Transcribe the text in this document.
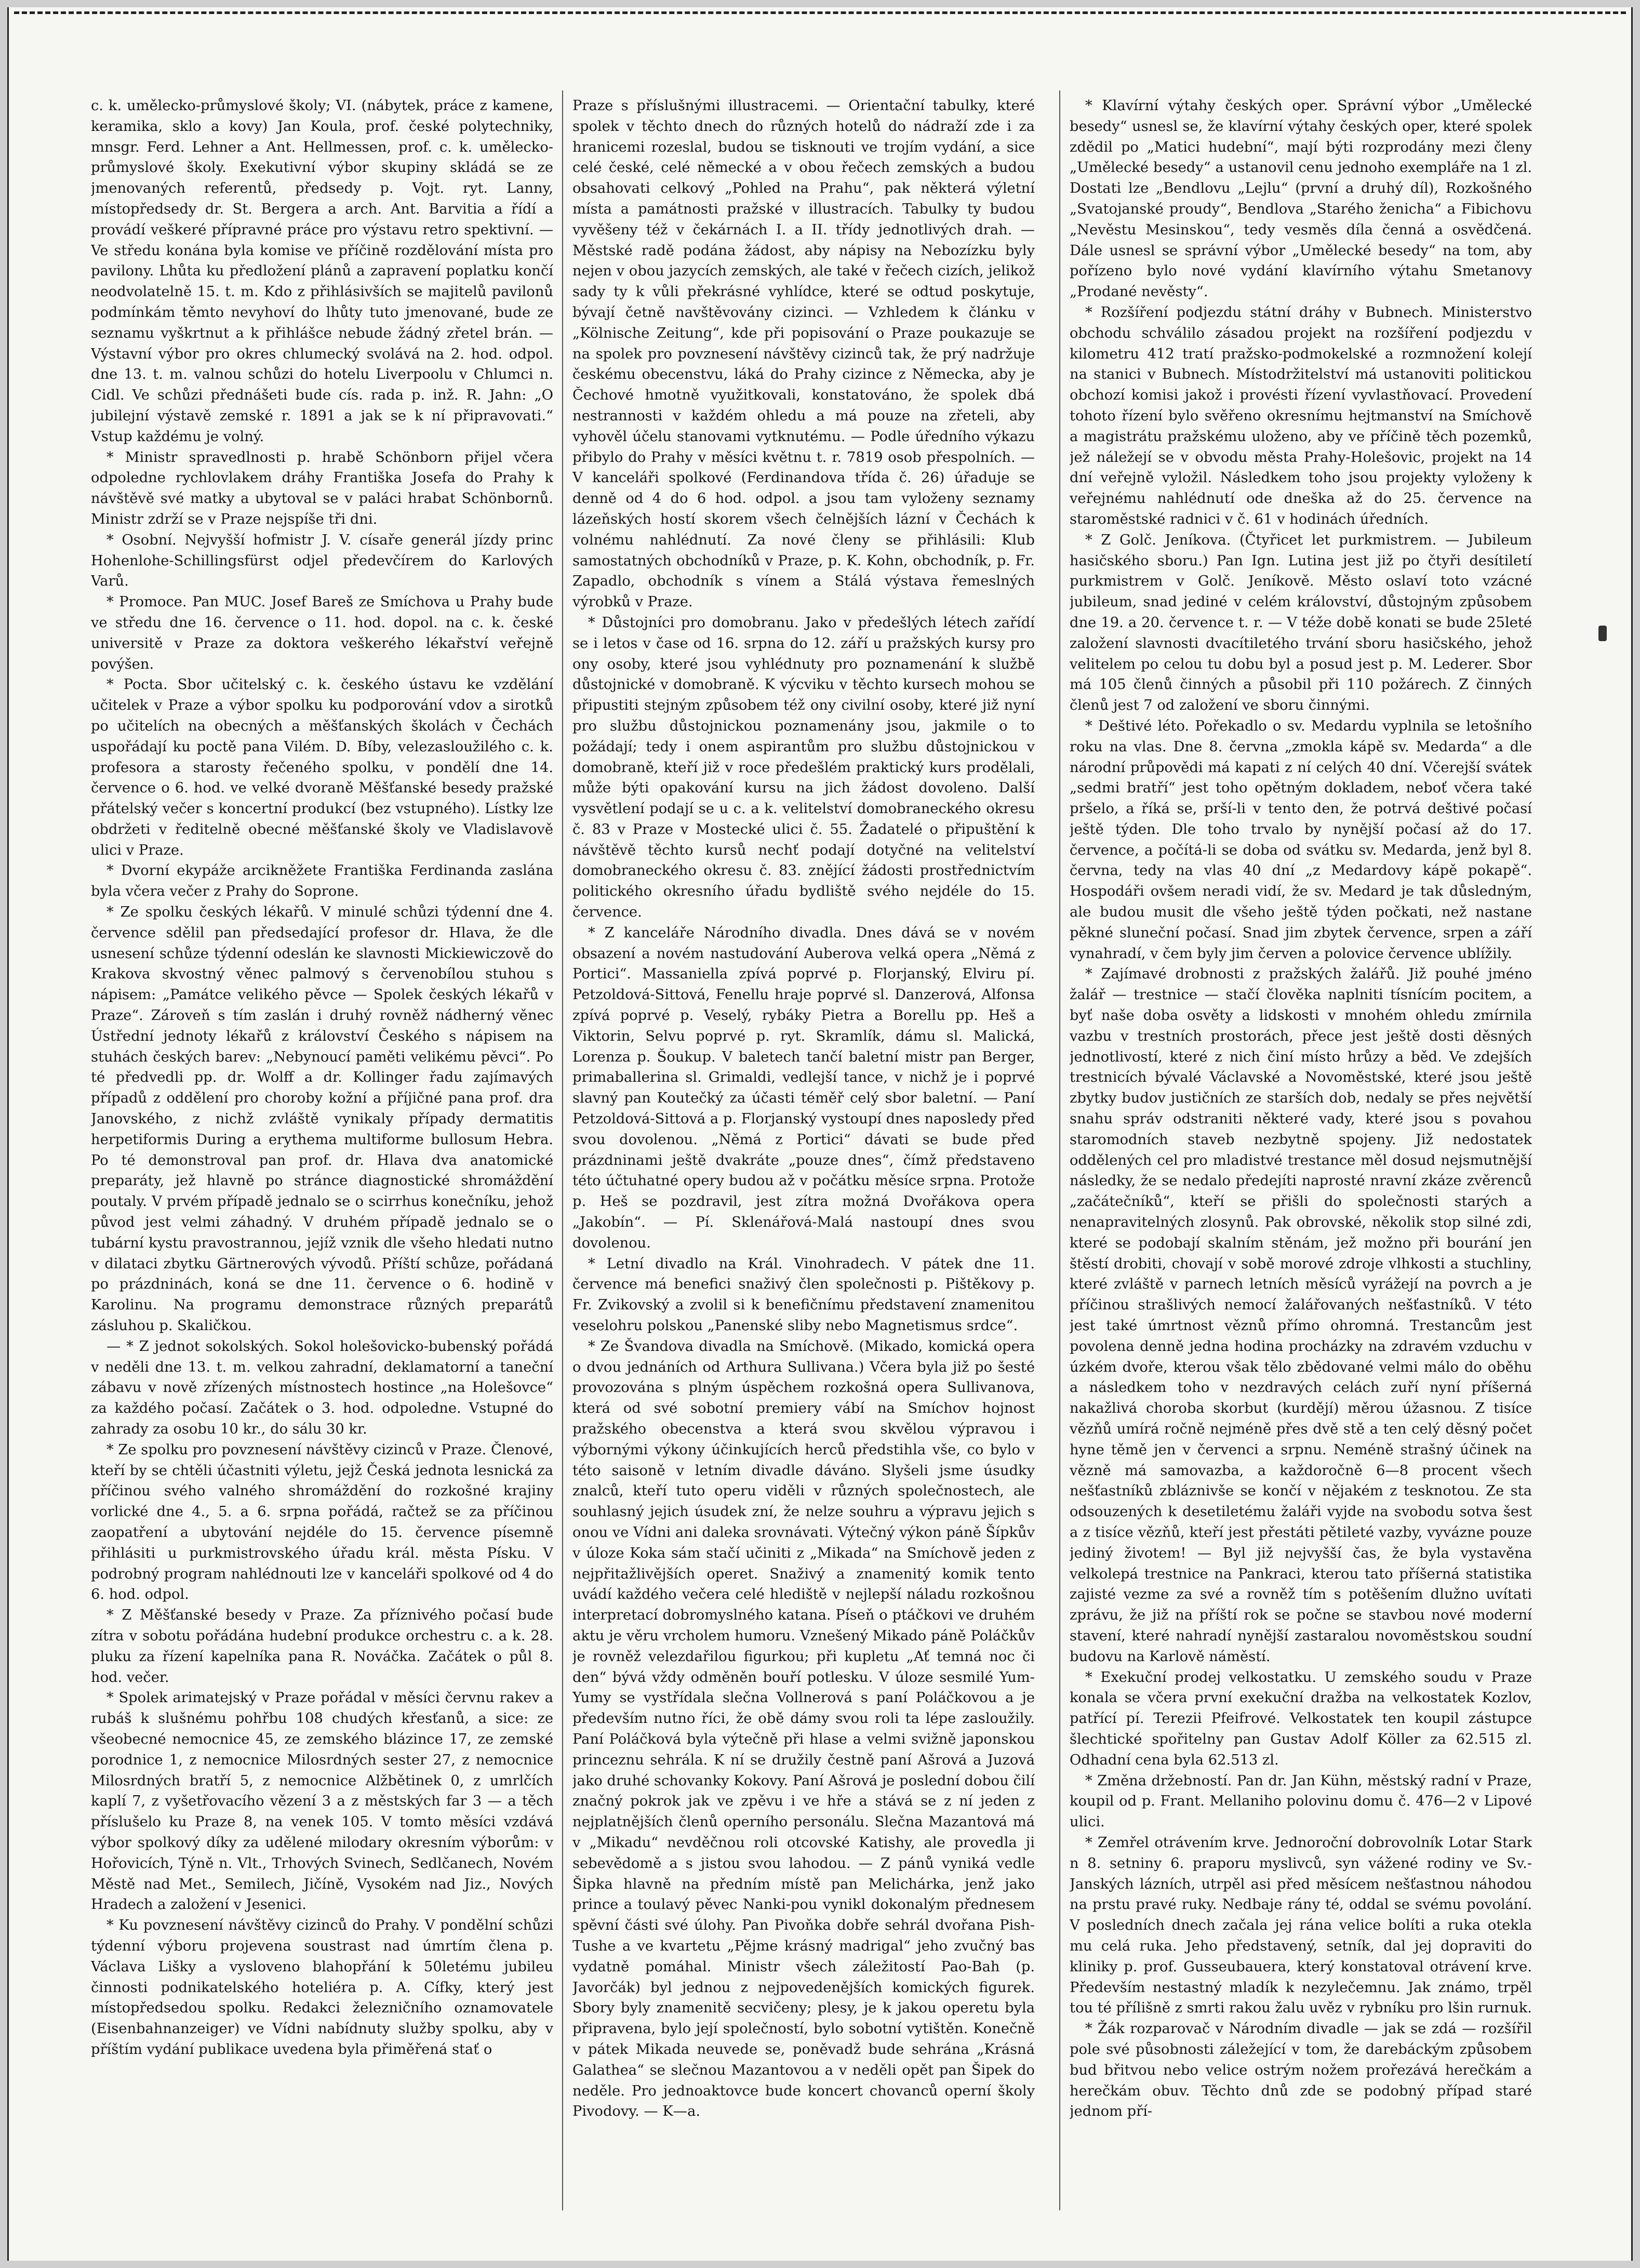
c. k. umělecko-průmyslové školy; VI. (nábytek, práce z kamene, keramika, sklo a kovy) Jan Koula, prof. české polytechniky, mnsgr. Ferd. Lehner a Ant. Hellmessen, prof. c. k. umělecko-průmyslové školy. Exekutivní výbor skupiny skládá se ze jmenovaných referentů, předsedy p. Vojt. ryt. Lanny, místopředsedy dr. St. Bergera a arch. Ant. Barvitia a řídí a provádí veškeré přípravné práce pro výstavu retro spektivní. — Ve středu konána byla komise ve příčině rozdělování místa pro pavilony. Lhůta ku předložení plánů a zapravení poplatku končí neodvolatelně 15. t. m. Kdo z přihlásivších se majitelů pavilonů podmínkám těmto nevyhoví do lhůty tuto jmenované, bude ze seznamu vyškrtnut a k přihlášce nebude žádný zřetel brán. — Výstavní výbor pro okres chlumecký svolává na 2. hod. odpol. dne 13. t. m. valnou schůzi do hotelu Liverpoolu v Chlumci n. Cidl. Ve schůzi přednášeti bude cís. rada p. inž. R. Jahn: „O jubilejní výstavě zemské r. 1891 a jak se k ní připravovati.“ Vstup každému je volný.

* Ministr spravedlnosti p. hrabě Schönborn přijel včera odpoledne rychlovlakem dráhy Františka Josefa do Prahy k návštěvě své matky a ubytoval se v paláci hrabat Schönbornů. Ministr zdrží se v Praze nejspíše tři dni.

* Osobní. Nejvyšší hofmistr J. V. císaře generál jízdy princ Hohenlohe-Schillingsfürst odjel předevčírem do Karlových Varů.

* Promoce. Pan MUC. Josef Bareš ze Smíchova u Prahy bude ve středu dne 16. července o 11. hod. dopol. na c. k. české universitě v Praze za doktora veškerého lékařství veřejně povýšen.

* Pocta. Sbor učitelský c. k. českého ústavu ke vzdělání učitelek v Praze a výbor spolku ku podporování vdov a sirotků po učitelích na obecných a měšťanských školách v Čechách uspořádají ku poctě pana Vilém. D. Bíby, velezasloužilého c. k. profesora a starosty řečeného spolku, v pondělí dne 14. července o 6. hod. ve velké dvoraně Měšťanské besedy pražské přátelský večer s koncertní produkcí (bez vstupného). Lístky lze obdržeti v ředitelně obecné měšťanské školy ve Vladislavově ulici v Praze.

* Dvorní ekypáže arcikněžete Františka Ferdinanda zaslána byla včera večer z Prahy do Soprone.

* Ze spolku českých lékařů. V minulé schůzi týdenní dne 4. července sdělil pan předsedající profesor dr. Hlava, že dle usnesení schůze týdenní odeslán ke slavnosti Mickiewiczově do Krakova skvostný věnec palmový s červenobílou stuhou s nápisem: „Památce velikého pěvce — Spolek českých lékařů v Praze“. Zároveň s tím zaslán i druhý rovněž nádherný věnec Ústřední jednoty lékařů z království Českého s nápisem na stuhách českých barev: „Nebynoucí paměti velikému pěvci“. Po té předvedli pp. dr. Wolff a dr. Kollinger řadu zajímavých případů z oddělení pro choroby kožní a příjičné pana prof. dra Janovského, z nichž zvláště vynikaly případy dermatitis herpetiformis During a erythema multiforme bullosum Hebra. Po té demonstroval pan prof. dr. Hlava dva anatomické preparáty, jež hlavně po stránce diagnostické shromáždění poutaly. V prvém případě jednalo se o scirrhus konečníku, jehož původ jest velmi záhadný. V druhém případě jednalo se o tubární kystu pravostrannou, jejíž vznik dle všeho hledati nutno v dilataci zbytku Gärtnerových vývodů. Příští schůze, pořádaná po prázdninách, koná se dne 11. července o 6. hodině v Karolinu. Na programu demonstrace různých preparátů zásluhou p. Skaličkou.

— * Z jednot sokolských. Sokol holešovicko-bubenský pořádá v neděli dne 13. t. m. velkou zahradní, deklamatorní a taneční zábavu v nově zřízených místnostech hostince „na Holešovce“ za každého počasí. Začátek o 3. hod. odpoledne. Vstupné do zahrady za osobu 10 kr., do sálu 30 kr.

* Ze spolku pro povznesení návštěvy cizinců v Praze. Členové, kteří by se chtěli účastniti výletu, jejž Česká jednota lesnická za příčinou svého valného shromáždění do rozkošné krajiny vorlické dne 4., 5. a 6. srpna pořádá, račtež se za příčinou zaopatření a ubytování nejdéle do 15. července písemně přihlásiti u purkmistrovského úřadu král. města Písku. V podrobný program nahlédnouti lze v kanceláři spolkové od 4 do 6. hod. odpol.

* Z Měšťanské besedy v Praze. Za příznivého počasí bude zítra v sobotu pořádána hudební produkce orchestru c. a k. 28. pluku za řízení kapelníka pana R. Nováčka. Začátek o půl 8. hod. večer.

* Spolek arimatejský v Praze pořádal v měsíci červnu rakev a rubáš k slušnému pohřbu 108 chudých křesťanů, a sice: ze všeobecné nemocnice 45, ze zemského blázince 17, ze zemské porodnice 1, z nemocnice Milosrdných sester 27, z nemocnice Milosrdných bratří 5, z nemocnice Alžbětinek 0, z umrlčích kaplí 7, z vyšetřovacího vězení 3 a z městských far 3 — a těch příslušelo ku Praze 8, na venek 105. V tomto měsíci vzdává výbor spolkový díky za udělené milodary okresním výborům: v Hořovicích, Týně n. Vlt., Trhových Svinech, Sedlčanech, Novém Městě nad Met., Semilech, Jičíně, Vysokém nad Jiz., Nových Hradech a založení v Jesenici.

* Ku povznesení návštěvy cizinců do Prahy. V pondělní schůzi týdenní výboru projevena soustrast nad úmrtím člena p. Václava Lišky a vysloveno blahopřání k 50letému jubileu činnosti podnikatelského hoteliéra p. A. Cífky, který jest místopředsedou spolku. Redakci železničního oznamovatele (Eisenbahnanzeiger) ve Vídni nabídnuty služby spolku, aby v příštím vydání publikace uvedena byla přiměřená stať o

Praze s příslušnými illustracemi. — Orientační tabulky, které spolek v těchto dnech do různých hotelů do nádraží zde i za hranicemi rozeslal, budou se tisknouti ve trojím vydání, a sice celé české, celé německé a v obou řečech zemských a budou obsahovati celkový „Pohled na Prahu“, pak některá výletní místa a památnosti pražské v illustracích. Tabulky ty budou vyvěšeny též v čekárnách I. a II. třídy jednotlivých drah. — Městské radě podána žádost, aby nápisy na Nebozízku byly nejen v obou jazycích zemských, ale také v řečech cizích, jelikož sady ty k vůli překrásné vyhlídce, které se odtud poskytuje, bývají četně navštěvovány cizinci. — Vzhledem k článku v „Kölnische Zeitung“, kde při popisování o Praze poukazuje se na spolek pro povznesení návštěvy cizinců tak, že prý nadržuje českému obecenstvu, láká do Prahy cizince z Německa, aby je Čechové hmotně využitkovali, konstatováno, že spolek dbá nestrannosti v každém ohledu a má pouze na zřeteli, aby vyhověl účelu stanovami vytknutému. — Podle úředního výkazu přibylo do Prahy v měsíci květnu t. r. 7819 osob přespolních. — V kanceláři spolkové (Ferdinandova třída č. 26) úřaduje se denně od 4 do 6 hod. odpol. a jsou tam vyloženy seznamy lázeňských hostí skorem všech čelnějších lázní v Čechách k volnému nahlédnutí. Za nové členy se přihlásili: Klub samostatných obchodníků v Praze, p. K. Kohn, obchodník, p. Fr. Zapadlo, obchodník s vínem a Stálá výstava řemeslných výrobků v Praze.

* Důstojníci pro domobranu. Jako v předešlých létech zařídí se i letos v čase od 16. srpna do 12. září u pražských kursy pro ony osoby, které jsou vyhlédnuty pro poznamenání k službě důstojnické v domobraně. K výcviku v těchto kursech mohou se připustiti stejným způsobem též ony civilní osoby, které již nyní pro službu důstojnickou poznamenány jsou, jakmile o to požádají; tedy i onem aspirantům pro službu důstojnickou v domobraně, kteří již v roce předešlém praktický kurs prodělali, může býti opakování kursu na jich žádost dovoleno. Další vysvětlení podají se u c. a k. velitelství domobraneckého okresu č. 83 v Praze v Mostecké ulici č. 55. Žadatelé o připuštění k návštěvě těchto kursů nechť podají dotyčné na velitelství domobraneckého okresu č. 83. znějící žádosti prostřednictvím politického okresního úřadu bydliště svého nejdéle do 15. července.

* Z kanceláře Národního divadla. Dnes dává se v novém obsazení a novém nastudování Auberova velká opera „Němá z Portici“. Massaniella zpívá poprvé p. Florjanský, Elviru pí. Petzoldová-Sittová, Fenellu hraje poprvé sl. Danzerová, Alfonsa zpívá poprvé p. Veselý, rybáky Pietra a Borellu pp. Heš a Viktorin, Selvu poprvé p. ryt. Skramlík, dámu sl. Malická, Lorenza p. Šoukup. V baletech tančí baletní mistr pan Berger, primaballerina sl. Grimaldi, vedlejší tance, v nichž je i poprvé slavný pan Koutečký za účasti téměř celý sbor baletní. — Paní Petzoldová-Sittová a p. Florjanský vystoupí dnes naposledy před svou dovolenou. „Němá z Portici“ dávati se bude před prázdninami ještě dvakráte „pouze dnes“, čímž představeno této účtuhatné opery budou až v počátku měsíce srpna. Protože p. Heš se pozdravil, jest zítra možná Dvořákova opera „Jakobín“. — Pí. Sklenářová-Malá nastoupí dnes svou dovolenou.

* Letní divadlo na Král. Vinohradech. V pátek dne 11. července má benefici snaživý člen společnosti p. Pištěkovy p. Fr. Zvikovský a zvolil si k benefičnímu představení znamenitou veselohru polskou „Panenské sliby nebo Magnetismus srdce“.

* Ze Švandova divadla na Smíchově. (Mikado, komická opera o dvou jednáních od Arthura Sullivana.) Včera byla již po šesté provozována s plným úspěchem rozkošná opera Sullivanova, která od své sobotní premiery vábí na Smíchov hojnost pražského obecenstva a která svou skvělou výpravou i výbornými výkony účinkujících herců předstihla vše, co bylo v této saisoně v letním divadle dáváno. Slyšeli jsme úsudky znalců, kteří tuto operu viděli v různých společnostech, ale souhlasný jejich úsudek zní, že nelze souhru a výpravu jejich s onou ve Vídni ani daleka srovnávati. Výtečný výkon páně Šípkův v úloze Koka sám stačí učiniti z „Mikada“ na Smíchově jeden z nejpřitažlivějších operet. Snaživý a znamenitý komik tento uvádí každého večera celé hlediště v nejlepší náladu rozkošnou interpretací dobromyslného katana. Píseň o ptáčkovi ve druhém aktu je věru vrcholem humoru. Vznešený Mikado páně Poláčkův je rovněž velezdařilou figurkou; při kupletu „Ať temná noc či den“ bývá vždy odměněn bouří potlesku. V úloze sesmilé Yum-Yumy se vystřídala slečna Vollnerová s paní Poláčkovou a je především nutno říci, že obě dámy svou roli ta lépe zasloužily. Paní Poláčková byla výtečně při hlase a velmi svižně japonskou princeznu sehrála. K ní se družily čestně paní Ašrová a Juzová jako druhé schovanky Kokovy. Paní Ašrová je poslední dobou čilí značný pokrok jak ve zpěvu i ve hře a stává se z ní jeden z nejplatnějších členů operního personálu. Slečna Mazantová má v „Mikadu“ nevděčnou roli otcovské Katishy, ale provedla ji sebevědomě a s jistou svou lahodou. — Z pánů vyniká vedle Šipka hlavně na předním místě pan Melichárka, jenž jako prince a toulavý pěvec Nanki-pou vynikl dokonalým přednesem spěvní části své úlohy. Pan Pivoňka dobře sehrál dvořana Pish-Tushe a ve kvartetu „Pějme krásný madrigal“ jeho zvučný bas vydatně pomáhal. Ministr všech záležitostí Pao-Bah (p. Javorčák) byl jednou z nejpovedenějších komických figurek. Sbory byly znamenitě secvičeny; plesy, je k jakou operetu byla připravena, bylo její společností, bylo sobotní vytištěn. Konečně v pátek Mikada neuvede se, poněvadž bude sehrána „Krásná Galathea“ se slečnou Mazantovou a v neděli opět pan Šipek do neděle. Pro jednoaktovce bude koncert chovanců operní školy Pivodovy. — K—a.

* Klavírní výtahy českých oper. Správní výbor „Umělecké besedy“ usnesl se, že klavírní výtahy českých oper, které spolek zdědil po „Matici hudební“, mají býti rozprodány mezi členy „Umělecké besedy“ a ustanovil cenu jednoho exempláře na 1 zl. Dostati lze „Bendlovu „Lejlu“ (první a druhý díl), Rozkošného „Svatojanské proudy“, Bendlova „Starého ženicha“ a Fibichovu „Nevěstu Mesinskou“, tedy vesměs díla čenná a osvědčená. Dále usnesl se správní výbor „Umělecké besedy“ na tom, aby pořízeno bylo nové vydání klavírního výtahu Smetanovy „Prodané nevěsty“.

* Rozšíření podjezdu státní dráhy v Bubnech. Ministerstvo obchodu schválilo zásadou projekt na rozšíření podjezdu v kilometru 412 tratí pražsko-podmokelské a rozmnožení kolejí na stanici v Bubnech. Místodržitelství má ustanoviti politickou obchozí komisi jakož i provésti řízení vyvlastňovací. Provedení tohoto řízení bylo svěřeno okresnímu hejtmanství na Smíchově a magistrátu pražskému uloženo, aby ve příčině těch pozemků, jež náležejí se v obvodu města Prahy-Holešovic, projekt na 14 dní veřejně vyložil. Následkem toho jsou projekty vyloženy k veřejnému nahlédnutí ode dneška až do 25. července na staroměstské radnici v č. 61 v hodinách úředních.

* Z Golč. Jeníkova. (Čtyřicet let purkmistrem. — Jubileum hasičského sboru.) Pan Ign. Lutina jest již po čtyři desítiletí purkmistrem v Golč. Jeníkově. Město oslaví toto vzácné jubileum, snad jediné v celém království, důstojným způsobem dne 19. a 20. července t. r. — V téže době konati se bude 25leté založení slavnosti dvacítiletého trvání sboru hasičského, jehož velitelem po celou tu dobu byl a posud jest p. M. Lederer. Sbor má 105 členů činných a působil při 110 požárech. Z činných členů jest 7 od založení ve sboru činnými.

* Deštivé léto. Pořekadlo o sv. Medardu vyplnila se letošního roku na vlas. Dne 8. června „zmokla kápě sv. Medarda“ a dle národní průpovědi má kapati z ní celých 40 dní. Včerejší svátek „sedmi bratří“ jest toho opětným dokladem, neboť včera také pršelo, a říká se, prší-li v tento den, že potrvá deštivé počasí ještě týden. Dle toho trvalo by nynější počasí až do 17. července, a počítá-li se doba od svátku sv. Medarda, jenž byl 8. června, tedy na vlas 40 dní „z Medardovy kápě pokapě“. Hospodáři ovšem neradi vidí, že sv. Medard je tak důsledným, ale budou musit dle všeho ještě týden počkati, než nastane pěkné sluneční počasí. Snad jim zbytek července, srpen a září vynahradí, v čem byly jim červen a polovice července ublížily.

* Zajímavé drobnosti z pražských žalářů. Již pouhé jméno žalář — trestnice — stačí člověka naplniti tísnícím pocitem, a byť naše doba osvěty a lidskosti v mnohém ohledu zmírnila vazbu v trestních prostorách, přece jest ještě dosti děsných jednotlivostí, které z nich činí místo hrůzy a běd. Ve zdejších trestnicích bývalé Václavské a Novoměstské, které jsou ještě zbytky budov justičních ze starších dob, nedaly se přes největší snahu správ odstraniti některé vady, které jsou s povahou staromodních staveb nezbytně spojeny. Již nedostatek oddělených cel pro mladistvé trestance měl dosud nejsmutnější následky, že se nedalo předejíti naprosté nravní zkáze zvěrenců „začátečníků“, kteří se přišli do společnosti starých a nenapravitelných zlosynů. Pak obrovské, několik stop silné zdi, které se podobají skalním stěnám, jež možno při bourání jen štěstí drobiti, chovají v sobě morové zdroje vlhkosti a stuchliny, které zvláště v parnech letních měsíců vyrážejí na povrch a je příčinou strašlivých nemocí žalářovaných nešťastníků. V této jest také úmrtnost věznů přímo ohromná. Trestancům jest povolena denně jedna hodina procházky na zdravém vzduchu v úzkém dvoře, kterou však tělo zbědované velmi málo do oběhu a následkem toho v nezdravých celách zuří nyní příšerná nakažlivá choroba skorbut (kurdějí) měrou úžasnou. Z tisíce vězňů umírá ročně nejméně přes dvě stě a ten celý děsný počet hyne těmě jen v červenci a srpnu. Neméně strašný účinek na vězně má samovazba, a každoročně 6—8 procent všech nešťastníků zbláznivše se končí v nějakém z tesknotou. Ze sta odsouzených k desetiletému žaláři vyjde na svobodu sotva šest a z tisíce vězňů, kteří jest přestáti pětileté vazby, vyvázne pouze jediný životem! — Byl již nejvyšší čas, že byla vystavěna velkolepá trestnice na Pankraci, kterou tato příšerná statistika zajisté vezme za své a rovněž tím s potěšením dlužno uvítati zprávu, že již na příští rok se počne se stavbou nové moderní stavení, které nahradí nynější zastaralou novoměstskou soudní budovu na Karlově náměstí.

* Exekuční prodej velkostatku. U zemského soudu v Praze konala se včera první exekuční dražba na velkostatek Kozlov, patřící pí. Terezii Pfeifrové. Velkostatek ten koupil zástupce šlechtické spořitelny pan Gustav Adolf Köller za 62.515 zl. Odhadní cena byla 62.513 zl.

* Změna držebností. Pan dr. Jan Kühn, městský radní v Praze, koupil od p. Frant. Mellaniho polovinu domu č. 476—2 v Lipové ulici.

* Zemřel otrávením krve. Jednoroční dobrovolník Lotar Stark n 8. setniny 6. praporu myslivců, syn vážené rodiny ve Sv.-Janských lázních, utrpěl asi před měsícem nešťastnou náhodou na prstu pravé ruky. Nedbaje rány té, oddal se svému povolání. V posledních dnech začala jej rána velice bolíti a ruka otekla mu celá ruka. Jeho představený, setník, dal jej dopraviti do kliniky p. prof. Gusseubauera, který konstatoval otrávení krve. Především nestastný mladík k nezylečemnu. Jak známo, trpěl tou té přílišně z smrti rakou žalu uvěz v rybníku pro lšin rurnuk.

* Žák rozparovač v Národním divadle — jak se zdá — rozšířil pole své působnosti záležející v tom, že darebáckým způsobem bud břitvou nebo velice ostrým nožem prořezává herečkám a herečkám obuv. Těchto dnů zde se podobný případ staré jednom pří-
